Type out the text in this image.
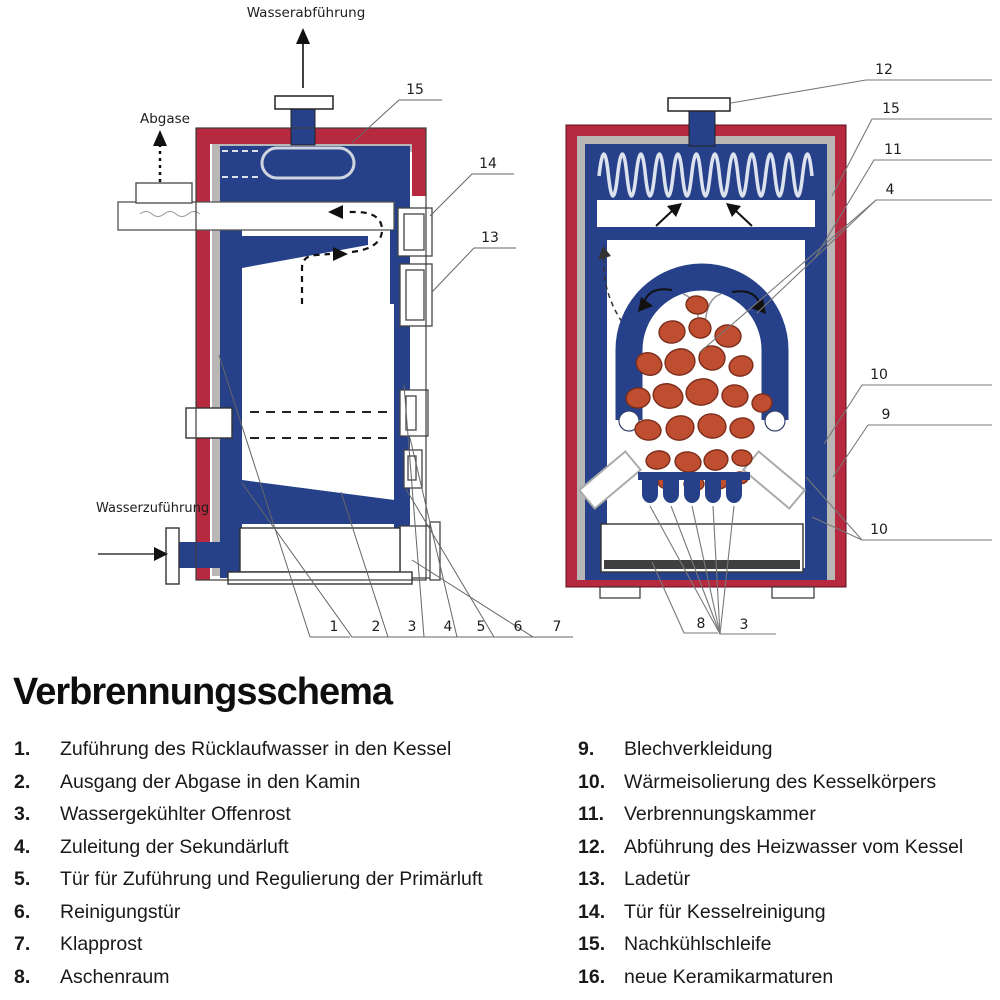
Wasserabführung
Abgase
Wasserzuführung
15
14
13
1 2 3 4 5 6 7
12
15
11
4
10
9
10
8 3
Verbrennungsschema
1.	Zuführung des Rücklaufwasser in den Kessel
2.	Ausgang der Abgase in den Kamin
3.	Wassergekühlter Offenrost
4.	Zuleitung der Sekundärluft
5.	Tür für Zuführung und Regulierung der Primärluft
6.	Reinigungstür
7.	Klapprost
8.	Aschenraum
9.	Blechverkleidung
10. Wärmeisolierung des Kesselkörpers
11.	Verbrennungskammer
12. Abführung des Heizwasser vom Kessel
13. Ladetür
14. Tür für Kesselreinigung
15. Nachkühlschleife
16. neue Keramikarmaturen
